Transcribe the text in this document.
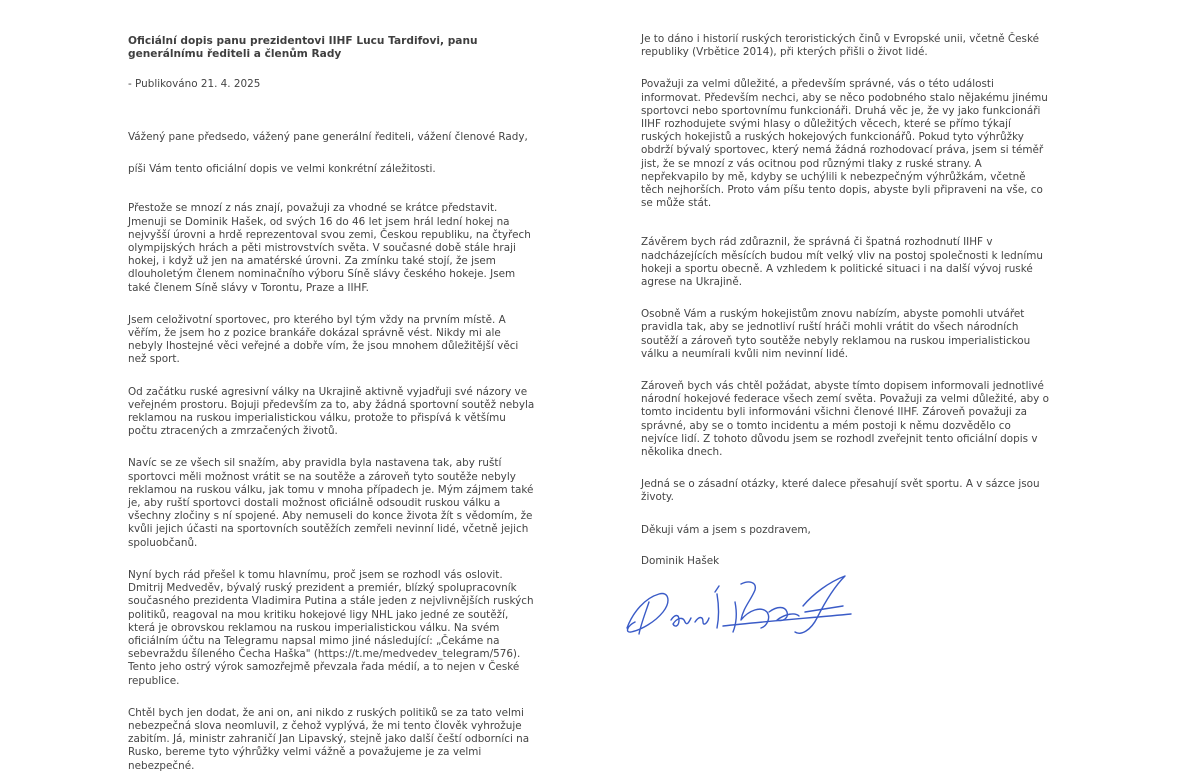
Oficiální dopis panu prezidentovi IIHF Lucu Tardifovi, panu generálnímu řediteli a členům Rady

- Publikováno 21. 4. 2025

Vážený pane předsedo, vážený pane generální řediteli, vážení členové Rady,

píši Vám tento oficiální dopis ve velmi konkrétní záležitosti.

Přestože se mnozí z nás znají, považuji za vhodné se krátce představit. Jmenuji se Dominik Hašek, od svých 16 do 46 let jsem hrál lední hokej na nejvyšší úrovni a hrdě reprezentoval svou zemi, Českou republiku, na čtyřech olympijských hrách a pěti mistrovstvích světa. V současné době stále hraji hokej, i když už jen na amatérské úrovni. Za zmínku také stojí, že jsem dlouholetým členem nominačního výboru Síně slávy českého hokeje. Jsem také členem Síně slávy v Torontu, Praze a IIHF.

Jsem celoživotní sportovec, pro kterého byl tým vždy na prvním místě. A věřím, že jsem ho z pozice brankáře dokázal správně vést. Nikdy mi ale nebyly lhostejné věci veřejné a dobře vím, že jsou mnohem důležitější věci než sport.

Od začátku ruské agresivní války na Ukrajině aktivně vyjadřuji své názory ve veřejném prostoru. Bojuji především za to, aby žádná sportovní soutěž nebyla reklamou na ruskou imperialistickou válku, protože to přispívá k většímu počtu ztracených a zmrzačených životů.

Navíc se ze všech sil snažím, aby pravidla byla nastavena tak, aby ruští sportovci měli možnost vrátit se na soutěže a zároveň tyto soutěže nebyly reklamou na ruskou válku, jak tomu v mnoha případech je. Mým zájmem také je, aby ruští sportovci dostali možnost oficiálně odsoudit ruskou válku a všechny zločiny s ní spojené. Aby nemuseli do konce života žít s vědomím, že kvůli jejich účasti na sportovních soutěžích zemřeli nevinní lidé, včetně jejich spoluobčanů.

Nyní bych rád přešel k tomu hlavnímu, proč jsem se rozhodl vás oslovit. Dmitrij Medveděv, bývalý ruský prezident a premiér, blízký spolupracovník současného prezidenta Vladimira Putina a stále jeden z nejvlivnějších ruských politiků, reagoval na mou kritiku hokejové ligy NHL jako jedné ze soutěží, která je obrovskou reklamou na ruskou imperialistickou válku. Na svém oficiálním účtu na Telegramu napsal mimo jiné následující: „Čekáme na sebevraždu šíleného Čecha Haška" (https://t.me/medvedev_telegram/576). Tento jeho ostrý výrok samozřejmě převzala řada médií, a to nejen v České republice.

Chtěl bych jen dodat, že ani on, ani nikdo z ruských politiků se za tato velmi nebezpečná slova neomluvil, z čehož vyplývá, že mi tento člověk vyhrožuje zabitím. Já, ministr zahraničí Jan Lipavský, stejně jako další čeští odborníci na Rusko, bereme tyto výhrůžky velmi vážně a považujeme je za velmi nebezpečné.

Je to dáno i historií ruských teroristických činů v Evropské unii, včetně České republiky (Vrbětice 2014), při kterých přišli o život lidé.

Považuji za velmi důležité, a především správné, vás o této události informovat. Především nechci, aby se něco podobného stalo nějakému jinému sportovci nebo sportovnímu funkcionáři. Druhá věc je, že vy jako funkcionáři IIHF rozhodujete svými hlasy o důležitých věcech, které se přímo týkají ruských hokejistů a ruských hokejových funkcionářů. Pokud tyto výhrůžky obdrží bývalý sportovec, který nemá žádná rozhodovací práva, jsem si téměř jist, že se mnozí z vás ocitnou pod různými tlaky z ruské strany. A nepřekvapilo by mě, kdyby se uchýlili k nebezpečným výhrůžkám, včetně těch nejhorších. Proto vám píšu tento dopis, abyste byli připraveni na vše, co se může stát.

Závěrem bych rád zdůraznil, že správná či špatná rozhodnutí IIHF v nadcházejících měsících budou mít velký vliv na postoj společnosti k lednímu hokeji a sportu obecně. A vzhledem k politické situaci i na další vývoj ruské agrese na Ukrajině.

Osobně Vám a ruským hokejistům znovu nabízím, abyste pomohli utvářet pravidla tak, aby se jednotliví ruští hráči mohli vrátit do všech národních soutěží a zároveň tyto soutěže nebyly reklamou na ruskou imperialistickou válku a neumírali kvůli nim nevinní lidé.

Zároveň bych vás chtěl požádat, abyste tímto dopisem informovali jednotlivé národní hokejové federace všech zemí světa. Považuji za velmi důležité, aby o tomto incidentu byli informováni všichni členové IIHF. Zároveň považuji za správné, aby se o tomto incidentu a mém postoji k němu dozvědělo co nejvíce lidí. Z tohoto důvodu jsem se rozhodl zveřejnit tento oficiální dopis v několika dnech.

Jedná se o zásadní otázky, které dalece přesahují svět sportu. A v sázce jsou životy.

Děkuji vám a jsem s pozdravem,

Dominik Hašek
